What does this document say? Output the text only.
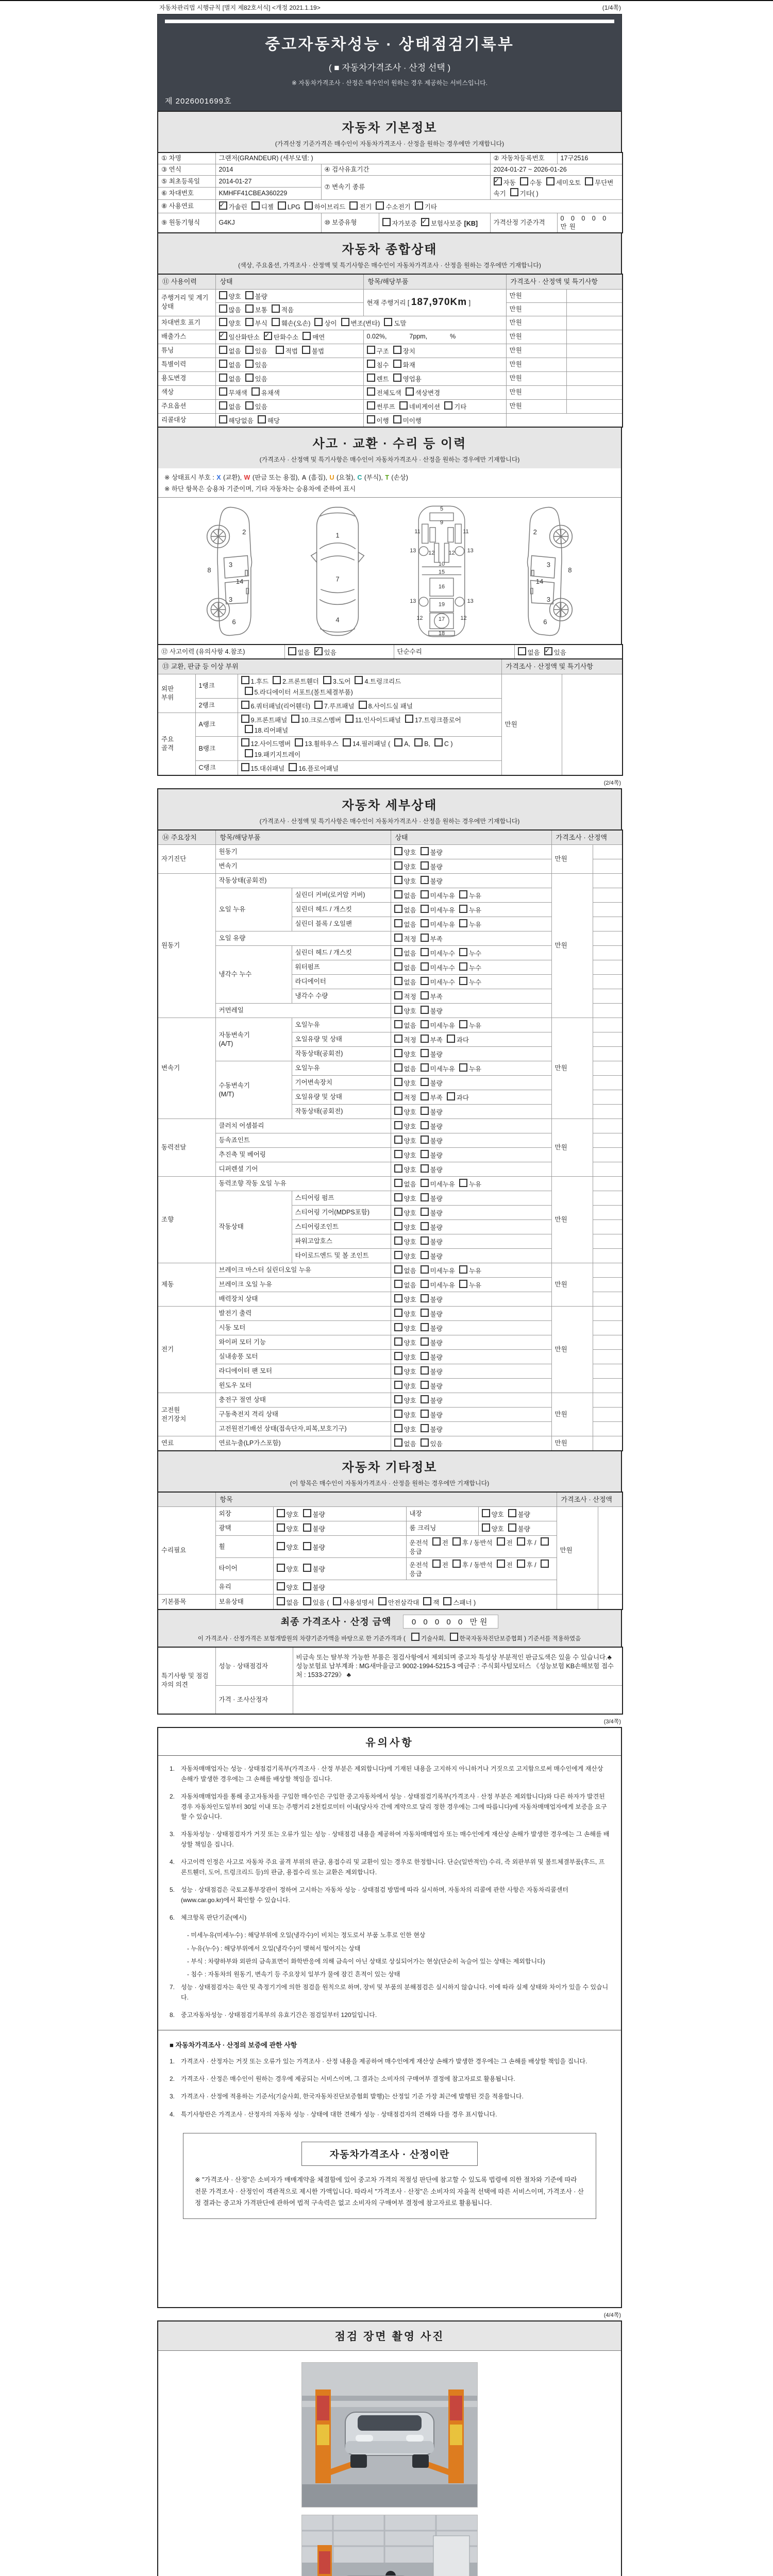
자동차관리법 시행규칙 [별지 제82호서식] <개정 2021.1.19>	(1/4쪽)
중고자동차성능 · 상태점검기록부
( ■ 자동차가격조사 · 산정 선택 )
※ 자동차가격조사 · 산정은 매수인이 원하는 경우 제공하는 서비스입니다.
제 2026001699호
자동차 기본정보
(가격산정 기준가격은 매수인이 자동차가격조사 · 산정을 원하는 경우에만 기재합니다)
① 차명	그랜저(GRANDEUR) (세부모델: )			② 자동차등록번호	17구2516
③ 연식	2014	④ 검사유효기간		2024-01-27 ~ 2026-01-26	
⑤ 최초등록일	2014-01-27	⑦ 변속기 종류	✓자동 수동 세미오토 무단변속기 기타( )
⑥ 차대번호	KMHFF41CBEA360229				
⑧ 사용연료	✓가솔린 디젤 LPG 하이브리드 전기 수소전기 기타
⑨ 원동기형식	G4KJ	⑩ 보증유형	자가보증 ✓ 보험사보증 [KB]	가격산정 기준가격	0 0 0 0 0 만원
자동차 종합상태
(색상, 주요옵션, 가격조사 · 산정액 및 특기사항은 매수인이 자동차가격조사 · 산정을 원하는 경우에만 기재합니다)
⑪ 사용이력	상태	항목/해당부품	가격조사 · 산정액 및 특기사항	
주행거리 및 계기상태	양호 불량	현재 주행거리 [ 187,970Km ]	만원	
	많음 보통 적음		만원	
차대번호 표기	양호 부식 훼손(오손) 상이 변조(변타) 도말		만원	
배출가스	✓일산화탄소 ✓ 탄화수소 매연	0.02%, 7ppm, %	만원	
튜닝	없음 있음 적법 불법	구조 장치	만원	
특별이력	없음 있음	침수 화재	만원	
용도변경	없음 있음	렌트 영업용	만원	
색상	무채색 유채색	전체도색 색상변경	만원	
주요옵션	없음 있음	썬루프 네비게이션 기타	만원	
리콜대상	해당없음 해당	이행 미이행		
사고 · 교환 · 수리 등 이력
(가격조사 · 산정액 및 특기사항은 매수인이 자동차가격조사 · 산정을 원하는 경우에만 기재합니다)
※ 상태표시 부호 : X (교환), W (판금 또는 용접), A (흠집), U (요철), C (부식), T (손상)
※ 하단 항목은 승용차 기준이며, 기타 자동차는 승용차에 준하여 표시
2
8
3
14
3
6
1
7
4
5
9
11	11
13	13
12	12
10
15
16
19
13	13
12	12
17
18
2
8
3
14
3
6
⑫ 사고이력 (유의사항 4.참조)	없음 ✓ 있음	단순수리	없음 ✓ 있음
⑬ 교환, 판금 등 이상 부위			가격조사 · 산정액 및 특기사항	
외판
부위	1랭크	1.후드 2.프론트휀더 3.도어 4.트렁크리드
5.라디에이터 서포트(볼트체결부품)	만원	
	2랭크	6.쿼터패널(리어휀더) 7.루프패널 8.사이드실 패널		
주요
골격	A랭크	9.프론트패널 10.크로스멤버 11.인사이드패널 17.트렁크플로어
18.리어패널		
	B랭크	12.사이드멤버 13.휠하우스 14.필러패널 ( A, B, C )
19.패키지트레이		
	C랭크	15.대쉬패널 16.플로어패널		
(2/4쪽)
자동차 세부상태
(가격조사 · 산정액 및 특기사항은 매수인이 자동차가격조사 · 산정을 원하는 경우에만 기재합니다)
⑭ 주요장치	항목/해당부품		상태	가격조사 · 산정액	
자기진단	원동기		양호 불량	만원	
	변속기		양호 불량		
원동기	작동상태(공회전)		양호 불량	만원	
	오일 누유	실린더 커버(로커암 커버)	없음 미세누유 누유		
		실린더 헤드 / 개스킷	없음 미세누유 누유		
		실린더 블록 / 오일팬	없음 미세누유 누유		
	오일 유량		적정 부족		
	냉각수 누수	실린더 헤드 / 개스킷	없음 미세누수 누수		
		워터펌프	없음 미세누수 누수		
		라디에이터	없음 미세누수 누수		
		냉각수 수량	적정 부족		
	커먼레일		양호 불량		
변속기	자동변속기
(A/T)	오일누유	없음 미세누유 누유	만원	
		오일유량 및 상태	적정 부족 과다		
		작동상태(공회전)	양호 불량		
	수동변속기
(M/T)	오일누유	없음 미세누유 누유		
		기어변속장치	양호 불량		
		오일유량 및 상태	적정 부족 과다		
		작동상태(공회전)	양호 불량		
동력전달	클러치 어셈블리		양호 불량	만원	
	등속죠인트		양호 불량		
	추진축 및 베어링		양호 불량		
	디퍼렌셜 기어		양호 불량		
조향	동력조향 작동 오일 누유		없음 미세누유 누유	만원	
	작동상태	스티어링 펌프	양호 불량		
		스티어링 기어(MDPS포함)	양호 불량		
		스티어링조인트	양호 불량		
		파워고압호스	양호 불량		
		타이로드엔드 및 볼 조인트	양호 불량		
제동	브레이크 마스터 실린더오일 누유		없음 미세누유 누유	만원	
	브레이크 오일 누유		없음 미세누유 누유		
	배력장치 상태		양호 불량		
전기	발전기 출력		양호 불량	만원	
	시동 모터		양호 불량		
	와이퍼 모터 기능		양호 불량		
	실내송풍 모터		양호 불량		
	라디에이터 팬 모터		양호 불량		
	윈도우 모터		양호 불량		
고전원
전기장치	충전구 절연 상태		양호 불량	만원	
	구동축전지 격리 상태		양호 불량		
	고전원전기배선 상태(접속단자,피복,보호기구)		양호 불량		
연료	연료누출(LP가스포함)		없음 있음	만원	
자동차 기타정보
(이 항목은 매수인이 자동차가격조사 · 산정을 원하는 경우에만 기재합니다)
	항목				가격조사 · 산정액	
수리필요	외장	양호 불량	내장	양호 불량	만원	
	광택	양호 불량	룸 크리닝	양호 불량		
	휠	양호 불량	운전석 전 후 / 동반석 전 후 /응급			
	타이어	양호 불량	운전석 전 후 / 동반석 전 후 /응급			
	유리	양호 불량				
기본품목	보유상태	없음 있음 ( 사용설명서 안전삼각대 잭 스패너 )				
최종 가격조사 · 산정 금액	0 0 0 0 0 만원
이 가격조사 · 산정가격은 보험개발원의 차량기준가액을 바탕으로 한 기준가격과 ( 기술사회, 한국자동차진단보증협회 ) 기준서를 적용하였음
특기사항 및 점검자의 의견	성능 · 상태점검자	비금속 또는 탈부착 가능한 부품은 점검사항에서 제외되며 중고차 특성상 부분적인 판금도색은 있을 수 있습니다.♣ 성능보험료 납부계좌 : MG새마을금고 9002-1994-5215-3 예금주 : 주식회사텀모터스 《성능보험 KB손해보험 접수처 : 1533-2729》 ♣
	가격 · 조사산정자	
(3/4쪽)
유의사항
1. 자동차매매업자는 성능 · 상태점검기록부(가격조사 · 산정 부분은 제외합니다)에 기재된 내용을 고지하지 아니하거나 거짓으로 고지함으로써 매수인에게 재산상 손해가 발생한 경우에는 그 손해를 배상할 책임을 집니다.
2. 자동차매매업자를 통해 중고자동차를 구입한 매수인은 구입한 중고자동차에서 성능 · 상태점검기록부(가격조사 · 산정 부분은 제외합니다)와 다른 하자가 발견된 경우 자동차인도일부터 30일 이내 또는 주행거리 2천킬로미터 이내(당사자 간에 계약으로 달리 정한 경우에는 그에 따릅니다)에 자동차매매업자에게 보증을 요구할 수 있습니다.
3. 자동차성능 · 상태점검자가 거짓 또는 오류가 있는 성능 · 상태점검 내용을 제공하여 자동차매매업자 또는 매수인에게 재산상 손해가 발생한 경우에는 그 손해를 배상할 책임을 집니다.
4. 사고이력 인정은 사고로 자동차 주요 골격 부위의 판금, 용접수리 및 교환이 있는 경우로 한정합니다. 단순(일반적인) 수리, 즉 외판부위 및 볼트체결부품(후드, 프론트휀더, 도어, 트렁크리드 등)의 판금, 용접수리 또는 교환은 제외합니다.
5. 성능 · 상태점검은 국토교통부장관이 정하여 고시하는 자동차 성능 · 상태점검 방법에 따라 실시하며, 자동차의 리콜에 관한 사항은 자동차리콜센터(www.car.go.kr)에서 확인할 수 있습니다.
6. 체크항목 판단기준(예시)
- 미세누유(미세누수) : 해당부위에 오일(냉각수)이 비치는 정도로서 부품 노후로 인한 현상
- 누유(누수) : 해당부위에서 오일(냉각수)이 맺혀서 떨어지는 상태
- 부식 : 차량하부와 외판의 금속표면이 화학반응에 의해 금속이 아닌 상태로 상실되어가는 현상(단순히 녹슬어 있는 상태는 제외합니다)
- 침수 : 자동차의 원동기, 변속기 등 주요장치 일부가 물에 잠긴 흔적이 있는 상태
7. 성능 · 상태점검자는 육안 및 측정기기에 의한 점검을 원칙으로 하며, 장비 및 부품의 분해점검은 실시하지 않습니다. 이에 따라 실제 상태와 차이가 있을 수 있습니다.
8. 중고자동차성능 · 상태점검기록부의 유효기간은 점검일부터 120일입니다.
■ 자동차가격조사 · 산정의 보증에 관한 사항
1. 가격조사 · 산정자는 거짓 또는 오류가 있는 가격조사 · 산정 내용을 제공하여 매수인에게 재산상 손해가 발생한 경우에는 그 손해를 배상할 책임을 집니다.
2. 가격조사 · 산정은 매수인이 원하는 경우에 제공되는 서비스이며, 그 결과는 소비자의 구매여부 결정에 참고자료로 활용됩니다.
3. 가격조사 · 산정에 적용하는 기준서(기술사회, 한국자동차진단보증협회 발행)는 산정일 기준 가장 최근에 발행된 것을 적용합니다.
4. 특기사항란은 가격조사 · 산정자의 자동차 성능 · 상태에 대한 견해가 성능 · 상태점검자의 견해와 다를 경우 표시합니다.
자동차가격조사 · 산정이란
※ "가격조사 · 산정"은 소비자가 매매계약을 체결함에 있어 중고차 가격의 적절성 판단에 참고할 수 있도록 법령에 의한 절차와 기준에 따라 전문 가격조사 · 산정인이 객관적으로 제시한 가액입니다. 따라서 "가격조사 · 산정"은 소비자의 자율적 선택에 따른 서비스이며, 가격조사 · 산정 결과는 중고차 가격판단에 관하여 법적 구속력은 없고 소비자의 구매여부 결정에 참고자료로 활용됩니다.
(4/4쪽)
점검 장면 촬영 사진
